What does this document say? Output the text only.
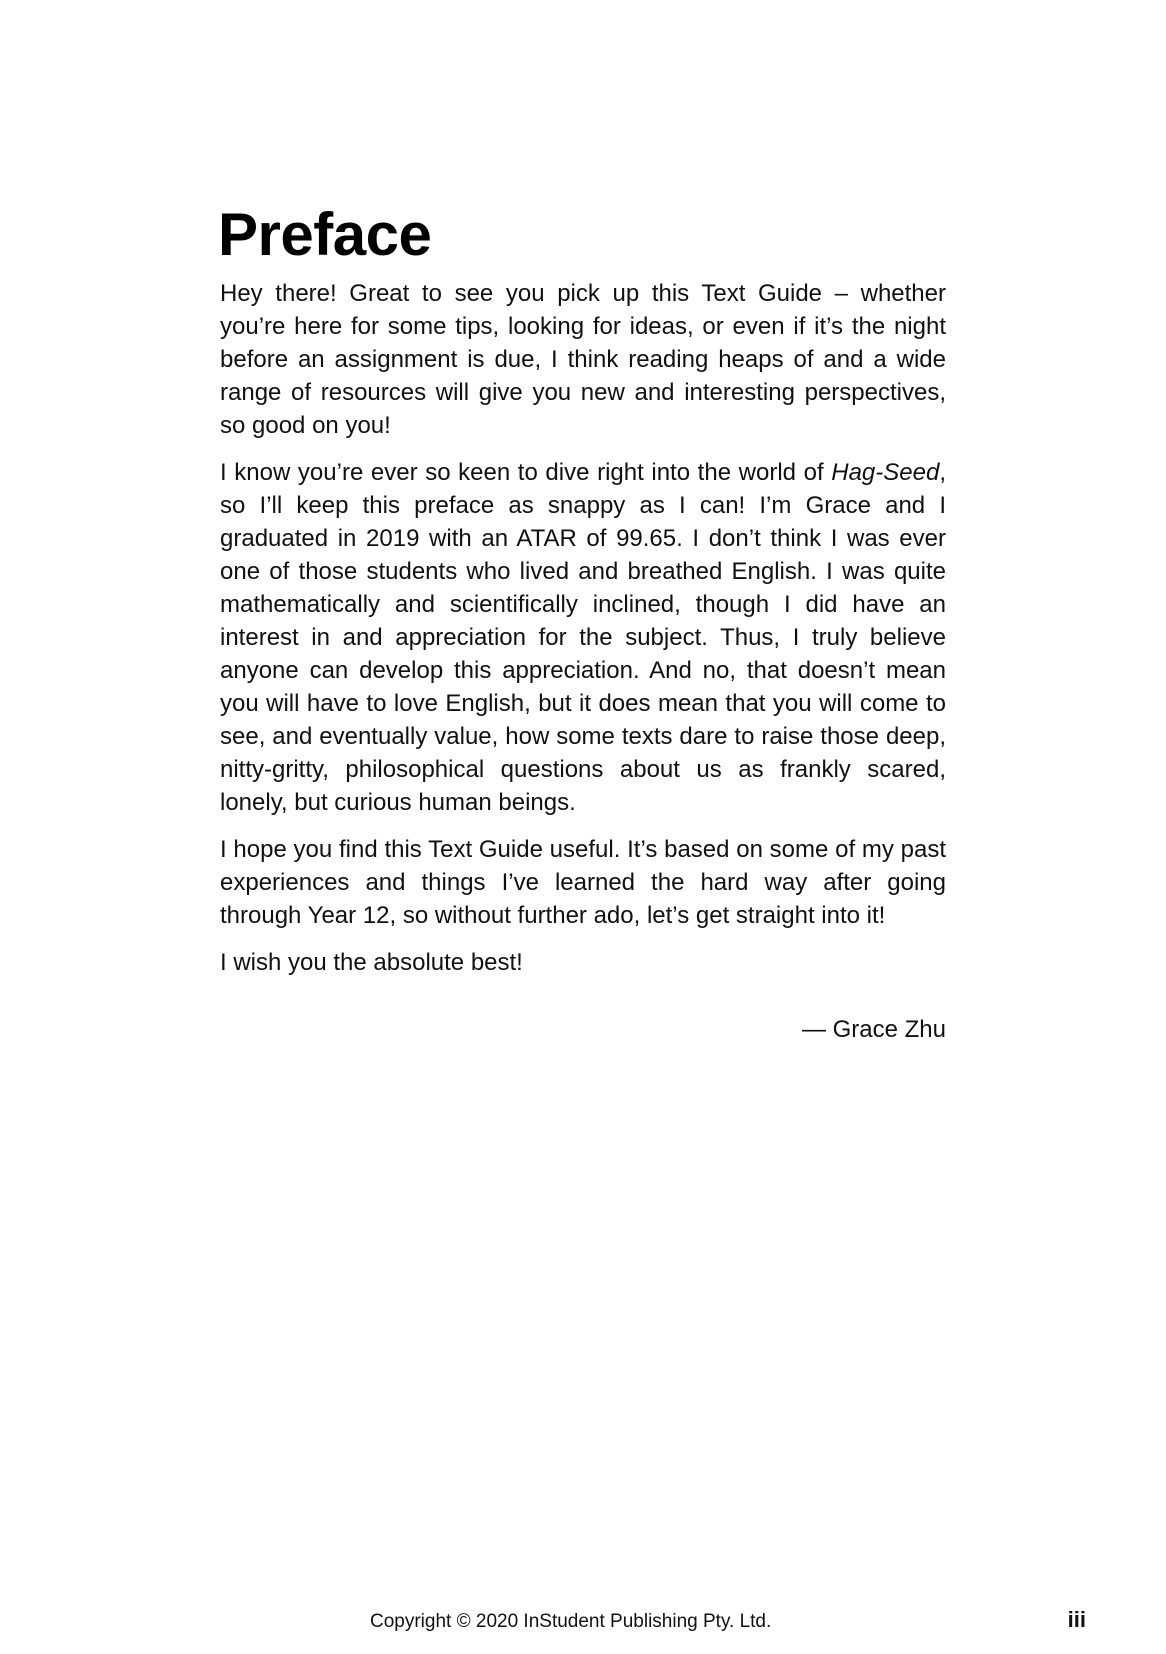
Preface

Hey there! Great to see you pick up this Text Guide – whether you’re here for some tips, looking for ideas, or even if it’s the night before an assignment is due, I think reading heaps of and a wide range of resources will give you new and interesting perspectives, so good on you!

I know you’re ever so keen to dive right into the world of Hag-Seed, so I’ll keep this preface as snappy as I can! I’m Grace and I graduated in 2019 with an ATAR of 99.65. I don’t think I was ever one of those students who lived and breathed English. I was quite mathematically and scientifically inclined, though I did have an interest in and appreciation for the subject. Thus, I truly believe anyone can develop this appreciation. And no, that doesn’t mean you will have to love English, but it does mean that you will come to see, and eventually value, how some texts dare to raise those deep, nitty-gritty, philosophical questions about us as frankly scared, lonely, but curious human beings.

I hope you find this Text Guide useful. It’s based on some of my past experiences and things I’ve learned the hard way after going through Year 12, so without further ado, let’s get straight into it!

I wish you the absolute best!

— Grace Zhu
Copyright © 2020 InStudent Publishing Pty. Ltd.	iii
